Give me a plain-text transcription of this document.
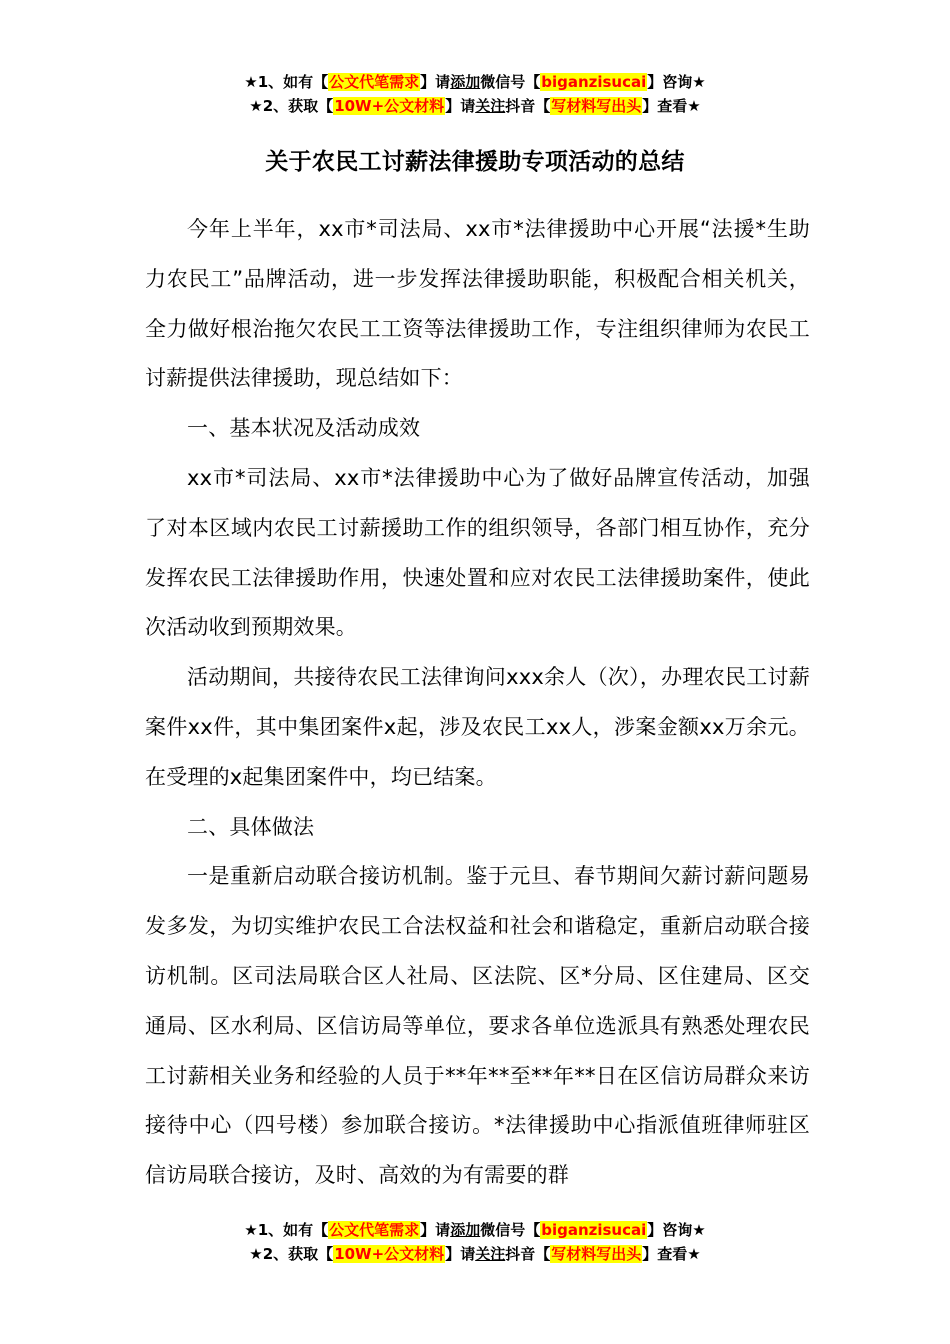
★1、如有【公文代笔需求】请添加微信号【biganzisucai】咨询★
★2、获取【10W+公文材料】请关注抖音【写材料写出头】查看★
关于农民工讨薪法律援助专项活动的总结

今年上半年，xx市*司法局、xx市*法律援助中心开展“法援*生助力农民工”品牌活动，进一步发挥法律援助职能，积极配合相关机关，全力做好根治拖欠农民工工资等法律援助工作，专注组织律师为农民工讨薪提供法律援助，现总结如下：

一、基本状况及活动成效

xx市*司法局、xx市*法律援助中心为了做好品牌宣传活动，加强了对本区域内农民工讨薪援助工作的组织领导，各部门相互协作，充分发挥农民工法律援助作用，快速处置和应对农民工法律援助案件，使此次活动收到预期效果。

活动期间，共接待农民工法律询问xxx余人（次），办理农民工讨薪案件xx件，其中集团案件x起，涉及农民工xx人，涉案金额xx万余元。在受理的x起集团案件中，均已结案。

二、具体做法

一是重新启动联合接访机制。鉴于元旦、春节期间欠薪讨薪问题易发多发，为切实维护农民工合法权益和社会和谐稳定，重新启动联合接访机制。区司法局联合区人社局、区法院、区*分局、区住建局、区交通局、区水利局、区信访局等单位，要求各单位选派具有熟悉处理农民工讨薪相关业务和经验的人员于**年**至**年**日在区信访局群众来访接待中心（四号楼）参加联合接访。*法律援助中心指派值班律师驻区信访局联合接访，及时、高效的为有需要的群

★1、如有【公文代笔需求】请添加微信号【biganzisucai】咨询★
★2、获取【10W+公文材料】请关注抖音【写材料写出头】查看★
